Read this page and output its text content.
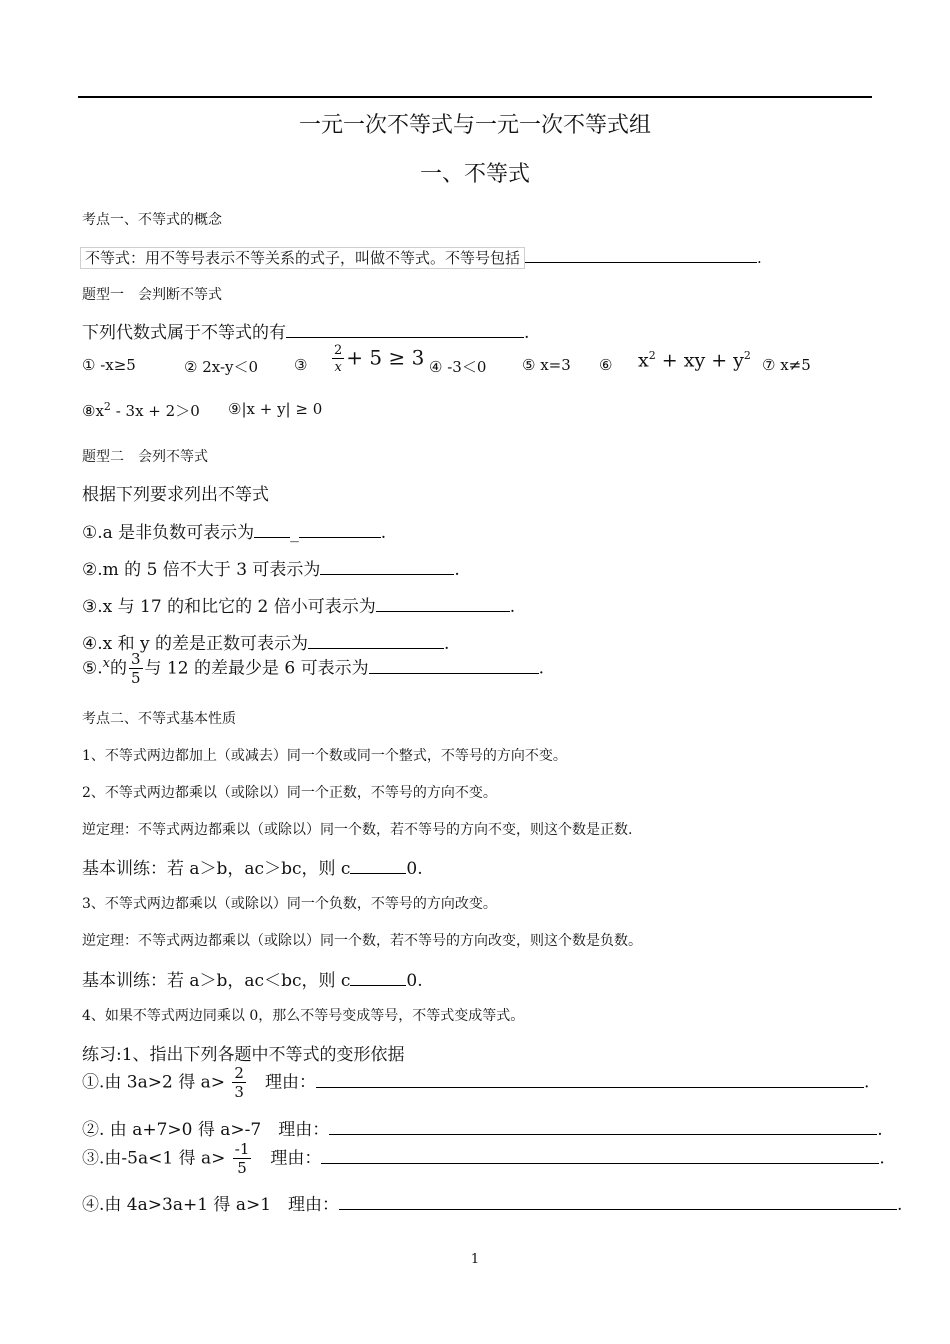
一元一次不等式与一元一次不等式组
一、不等式
考点一、不等式的概念
不等式：用不等号表示不等关系的式子，叫做不等式。不等号包括	.
题型一　会判断不等式
下列代数式属于不等式的有	.
① -x≥5	② 2x-y＜0 ③ $\frac{2}{x} + 5 \ge 3$ ④ -3＜0 ⑤ x=3 ⑥ $x^2$ + xy + $y^2$
⑦ x≠5
$⑧x^2 - 3x + 2>0$ ⑨|x + y| ≥ 0
题型二　会列不等式
根据下列要求列出不等式
①.a 是非负数可表示为 _	.
②.m 的 5 倍不大于 3 可表示为	.
③.x 与 17 的和比它的 2 倍小可表示为	.
④.x 和 y 的差是正数可表示为	.
⑤.$^x$的 $\frac{3}{5}$ 与 12 的差最少是 6 可表示为	.
考点二、不等式基本性质
1、不等式两边都加上（或减去）同一个数或同一个整式，不等号的方向不变。
2、不等式两边都乘以（或除以）同一个正数，不等号的方向不变。
逆定理：不等式两边都乘以（或除以）同一个数，若不等号的方向不变，则这个数是正数.
基本训练：若 a＞b，ac＞bc，则 c	0.
3、不等式两边都乘以（或除以）同一个负数，不等号的方向改变。
逆定理：不等式两边都乘以（或除以）同一个数，若不等号的方向改变，则这个数是负数。
基本训练：若 a＞b，ac＜bc，则 c	0.
4、如果不等式两边同乘以 0，那么不等号变成等号，不等式变成等式。
练习:1、指出下列各题中不等式的变形依据
①.由 3a>2 得 $a> \frac{2}{3}$
　 理由：	.
②. 由 a+7>0 得 a>-7　 理由：	.
③.由-5a<1 得 $a> \frac{-1}{5}$
　 理由：	.
④.由 4a>3a+1 得 a>1　 理由：	.
1
